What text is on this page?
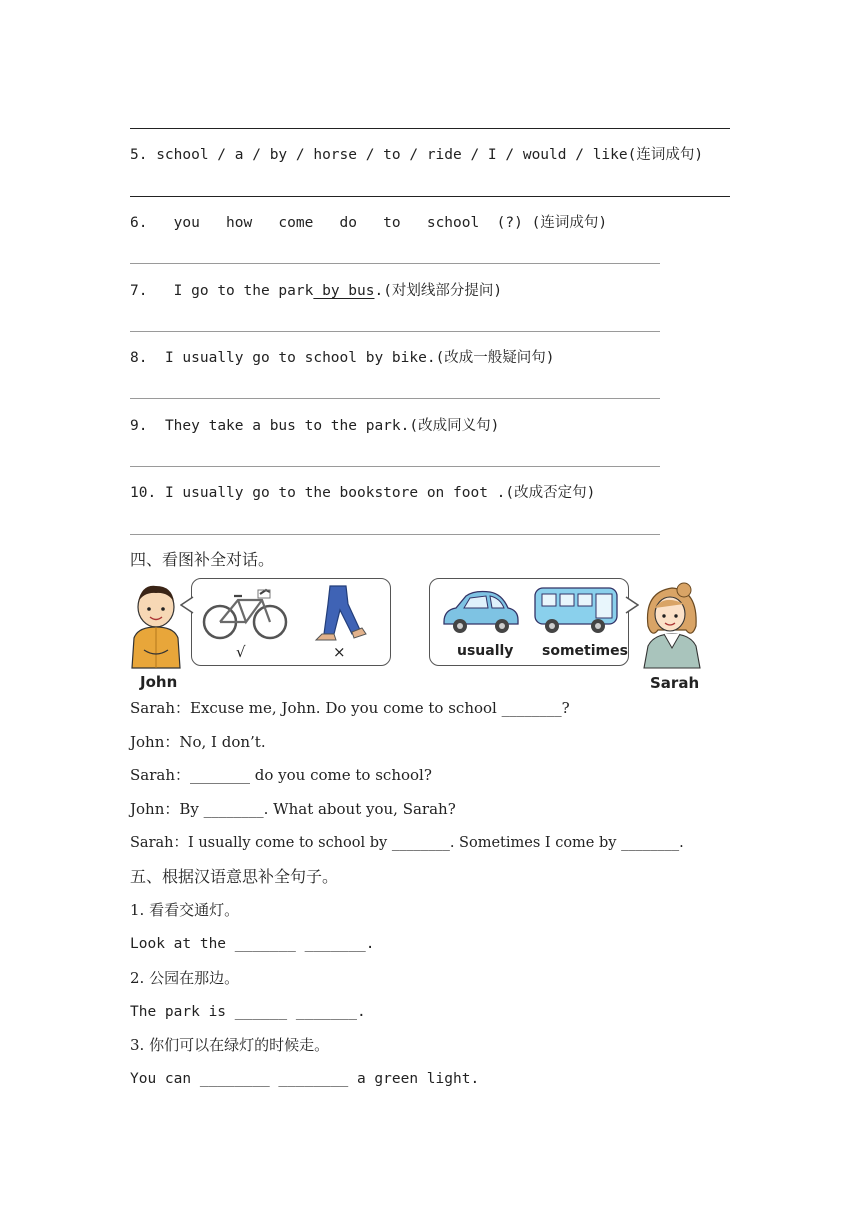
5. school / a / by / horse / to / ride / I / would / like(连词成句)
6. you   how   come   do   to   school  (?) (连词成句)
7. I go to the park by bus.(对划线部分提问)
8. I usually go to school by bike.(改成一般疑问句)
9. They take a bus to the park.(改成同义句)
10. I usually go to the bookstore on foot .(改成否定句)
四、看图补全对话。
John
√	×	usually sometimes
Sarah
Sarah：Excuse me, John. Do you come to school ________?
John：No, I don’t.
Sarah：________ do you come to school?
John：By ________. What about you, Sarah?
Sarah：I usually come to school by ________. Sometimes I come by ________.
五、根据汉语意思补全句子。
1. 看看交通灯。
Look at the _______ _______.
2. 公园在那边。
The park is ______ _______.
3. 你们可以在绿灯的时候走。
You can ________ ________ a green light.
